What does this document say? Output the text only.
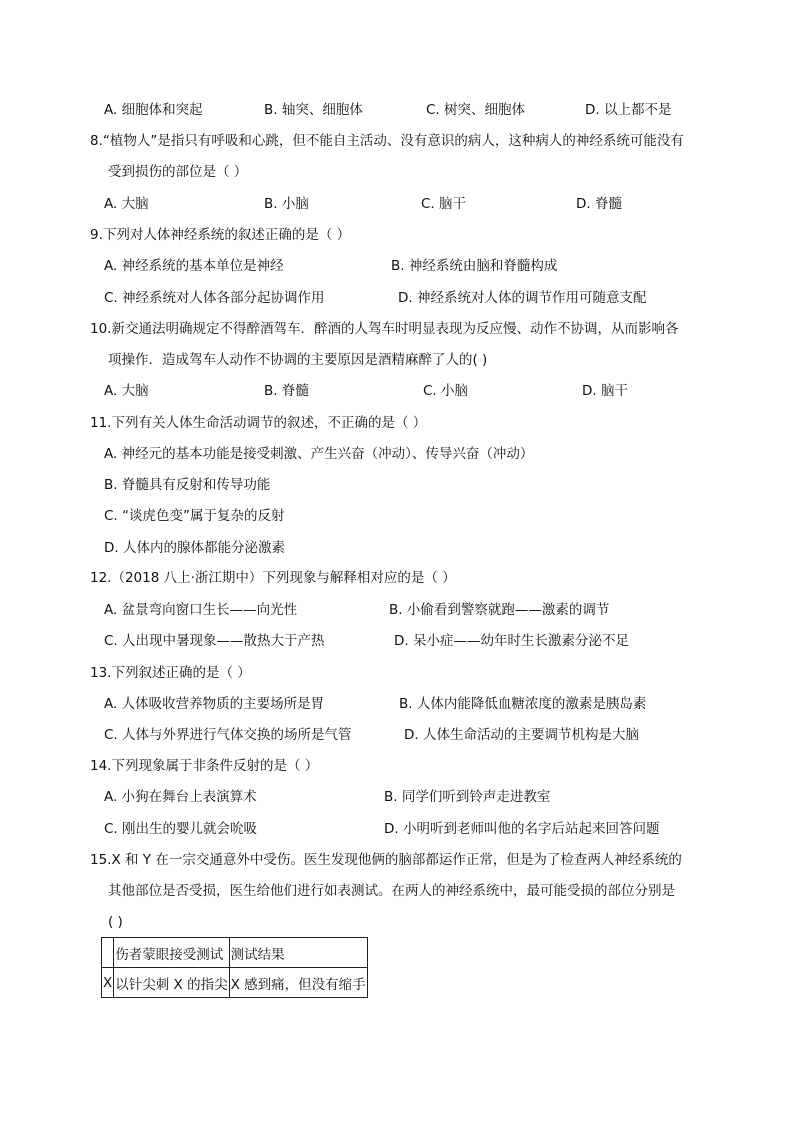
A. 细胞体和突起	B. 轴突、细胞体	C. 树突、细胞体	D. 以上都不是
8.“植物人”是指只有呼吸和心跳，但不能自主活动、没有意识的病人，这种病人的神经系统可能没有
受到损伤的部位是（ ）
A. 大脑	B. 小脑	C. 脑干	D. 脊髓
9.下列对人体神经系统的叙述正确的是（ ）
A. 神经系统的基本单位是神经	B. 神经系统由脑和脊髓构成
C. 神经系统对人体各部分起协调作用	D. 神经系统对人体的调节作用可随意支配
10.新交通法明确规定不得醉酒驾车．醉酒的人驾车时明显表现为反应慢、动作不协调，从而影响各
项操作．造成驾车人动作不协调的主要原因是酒精麻醉了人的( )
A. 大脑	B. 脊髓	C. 小脑	D. 脑干
11.下列有关人体生命活动调节的叙述，不正确的是（ ）
A. 神经元的基本功能是接受刺激、产生兴奋（冲动）、传导兴奋（冲动）
B. 脊髓具有反射和传导功能
C. “谈虎色变”属于复杂的反射
D. 人体内的腺体都能分泌激素
12.（2018 八上·浙江期中）下列现象与解释相对应的是（ ）
A. 盆景弯向窗口生长——向光性	B. 小偷看到警察就跑——激素的调节
C. 人出现中暑现象——散热大于产热	D. 呆小症——幼年时生长激素分泌不足
13.下列叙述正确的是（ ）
A. 人体吸收营养物质的主要场所是胃	B. 人体内能降低血糖浓度的激素是胰岛素
C. 人体与外界进行气体交换的场所是气管	D. 人体生命活动的主要调节机构是大脑
14.下列现象属于非条件反射的是（ ）
A. 小狗在舞台上表演算术	B. 同学们听到铃声走进教室
C. 刚出生的婴儿就会吮吸	D. 小明听到老师叫他的名字后站起来回答问题
15.X 和 Y 在一宗交通意外中受伤。医生发现他俩的脑部都运作正常，但是为了检查两人神经系统的
其他部位是否受损，医生给他们进行如表测试。在两人的神经系统中，最可能受损的部位分别是
( )
	伤者蒙眼接受测试	测试结果
X	以针尖刺 X 的指尖	X 感到痛，但没有缩手
